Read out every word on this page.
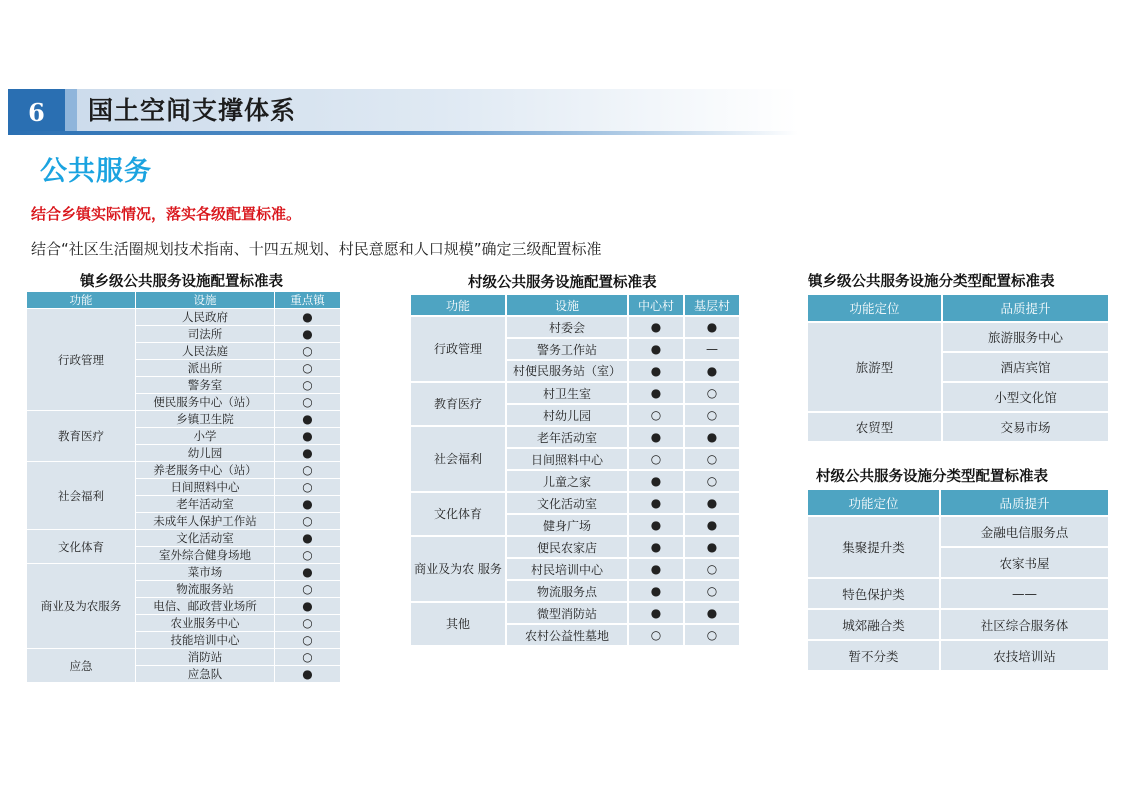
6 国土空间支撑体系
公共服务
结合乡镇实际情况，落实各级配置标准。
结合“社区生活圈规划技术指南、十四五规划、村民意愿和人口规模”确定三级配置标准
镇乡级公共服务设施配置标准表	村级公共服务设施配置标准表	镇乡级公共服务设施分类型配置标准表
村级公共服务设施分类型配置标准表
功能	设施	重点镇
行政管理	人民政府	●
	司法所	●
	人民法庭	○
	派出所	○
	警务室	○
	便民服务中心（站）	○
教育医疗	乡镇卫生院	●
	小学	●
	幼儿园	●
社会福利	养老服务中心（站）	○
	日间照料中心	○
	老年活动室	●
	未成年人保护工作站	○
文化体育	文化活动室	●
	室外综合健身场地	○
商业及为农服务	菜市场	●
	物流服务站	○
	电信、邮政营业场所	●
	农业服务中心	○
	技能培训中心	○
应急	消防站	○
	应急队	●
功能	设施	中心村	基层村
行政管理	村委会	●	●
	警务工作站	●	—
	村便民服务站（室）	●	●
教育医疗	村卫生室	●	○
	村幼儿园	○	○
社会福利	老年活动室	●	●
	日间照料中心	○	○
	儿童之家	●	○
文化体育	文化活动室	●	●
	健身广场	●	●
商业及为农 服务	便民农家店	●	●
	村民培训中心	●	○
	物流服务点	●	○
其他	微型消防站	●	●
	农村公益性墓地	○	○
功能定位	品质提升
旅游型	旅游服务中心
	酒店宾馆
	小型文化馆
农贸型	交易市场
功能定位	品质提升
集聚提升类	金融电信服务点
	农家书屋
特色保护类	——
城郊融合类	社区综合服务体
暂不分类	农技培训站
